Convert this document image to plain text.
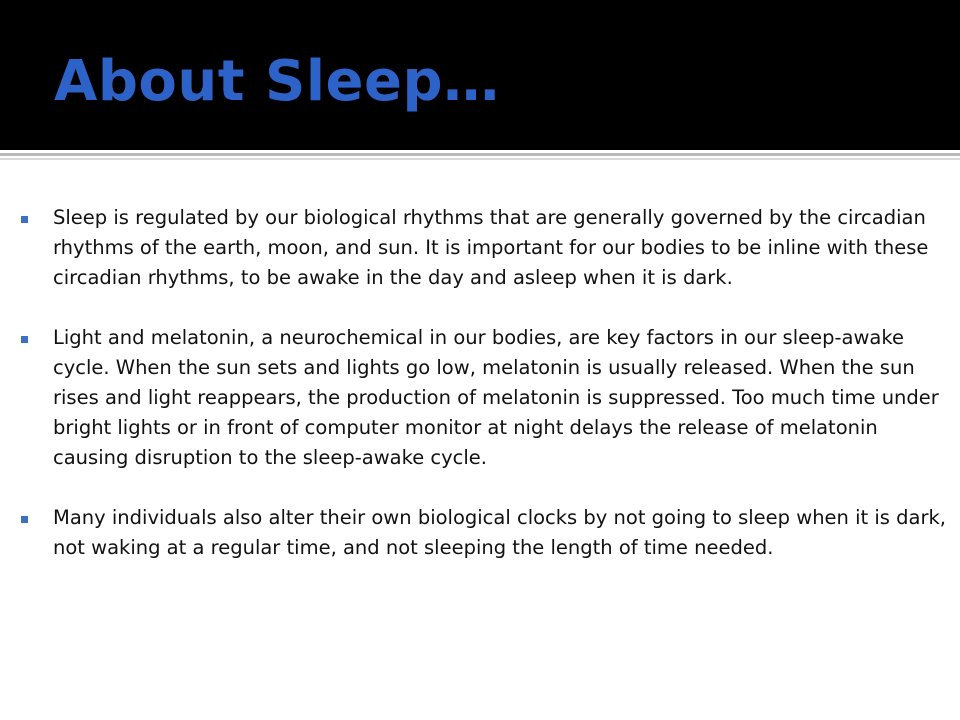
About Sleep…
Sleep is regulated by our biological rhythms that are generally governed by the circadian rhythms of the earth, moon, and sun. It is important for our bodies to be inline with these circadian rhythms, to be awake in the day and asleep when it is dark.
Light and melatonin, a neurochemical in our bodies, are key factors in our sleep-awake cycle. When the sun sets and lights go low, melatonin is usually released. When the sun rises and light reappears, the production of melatonin is suppressed. Too much time under bright lights or in front of computer monitor at night delays the release of melatonin causing disruption to the sleep-awake cycle.
Many individuals also alter their own biological clocks by not going to sleep when it is dark, not waking at a regular time, and not sleeping the length of time needed.
